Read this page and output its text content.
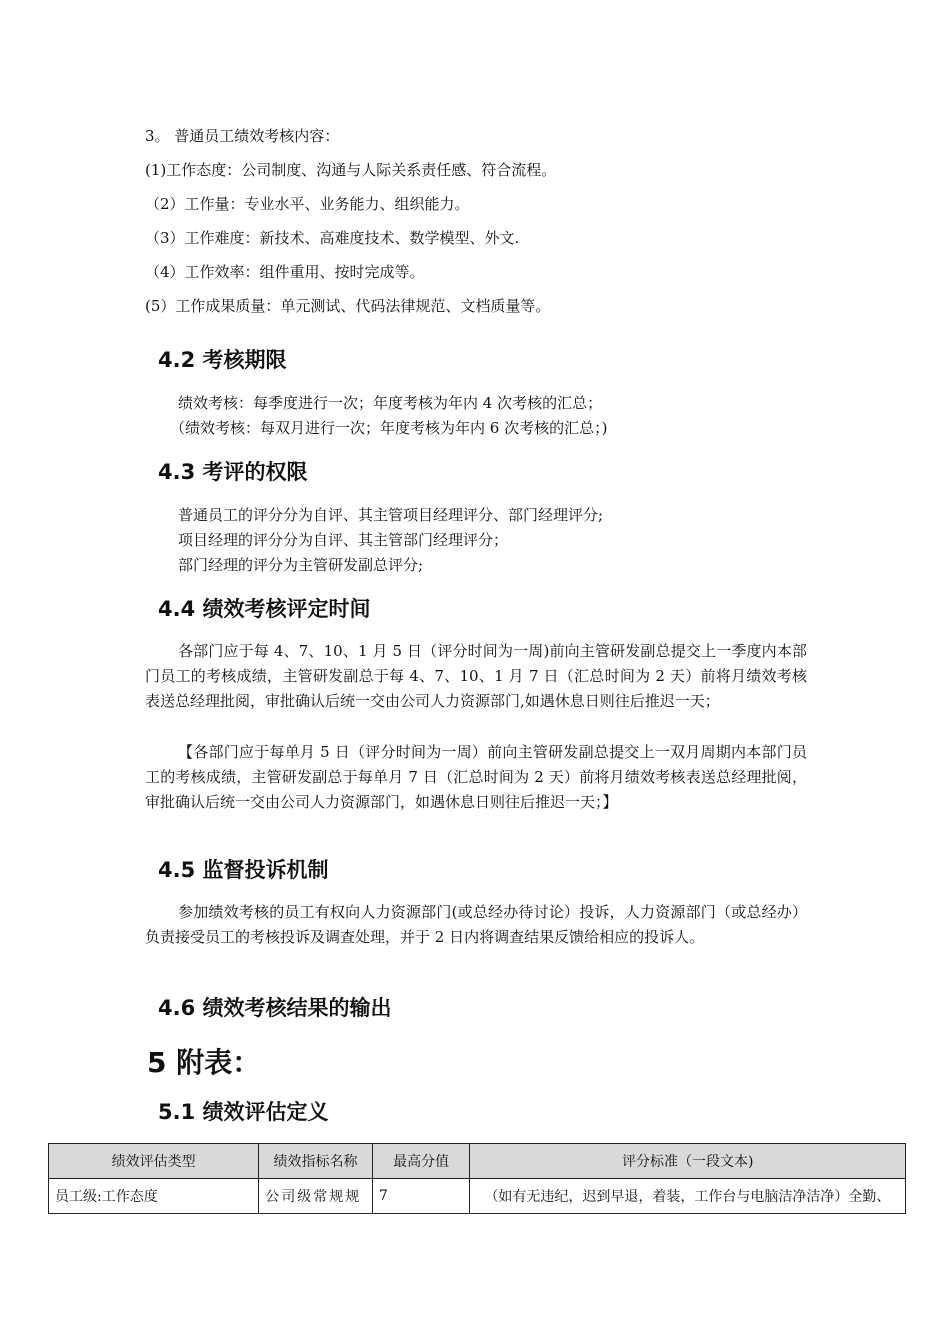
3。 普通员工绩效考核内容：
(1)工作态度：公司制度、沟通与人际关系责任感、符合流程。
（2）工作量：专业水平、业务能力、组织能力。
（3）工作难度：新技术、高难度技术、数学模型、外文.
（4）工作效率：组件重用、按时完成等。
(5）工作成果质量：单元测试、代码法律规范、文档质量等。
4.2 考核期限
绩效考核：每季度进行一次；年度考核为年内 4 次考核的汇总；
（绩效考核：每双月进行一次；年度考核为年内 6 次考核的汇总；)
4.3 考评的权限
普通员工的评分分为自评、其主管项目经理评分、部门经理评分;
项目经理的评分分为自评、其主管部门经理评分；
部门经理的评分为主管研发副总评分;
4.4 绩效考核评定时间
各部门应于每 4、7、10、1 月 5 日（评分时间为一周)前向主管研发副总提交上一季度内本部门员工的考核成绩，主管研发副总于每 4、7、10、1 月 7 日（汇总时间为 2 天）前将月绩效考核表送总经理批阅，审批确认后统一交由公司人力资源部门,如遇休息日则往后推迟一天；
【各部门应于每单月 5 日（评分时间为一周）前向主管研发副总提交上一双月周期内本部门员工的考核成绩，主管研发副总于每单月 7 日（汇总时间为 2 天）前将月绩效考核表送总经理批阅，审批确认后统一交由公司人力资源部门，如遇休息日则往后推迟一天；】
4.5 监督投诉机制
参加绩效考核的员工有权向人力资源部门(或总经办待讨论）投诉，人力资源部门（或总经办）负责接受员工的考核投诉及调查处理，并于 2 日内将调查结果反馈给相应的投诉人。
4.6 绩效考核结果的输出
5 附表：
5.1 绩效评估定义
绩效评估类型	绩效指标名称	最高分值	评分标准（一段文本)
员工级:工作态度	公司级常规规	7	（如有无违纪，迟到早退，着装，工作台与电脑洁净洁净）全勤、
